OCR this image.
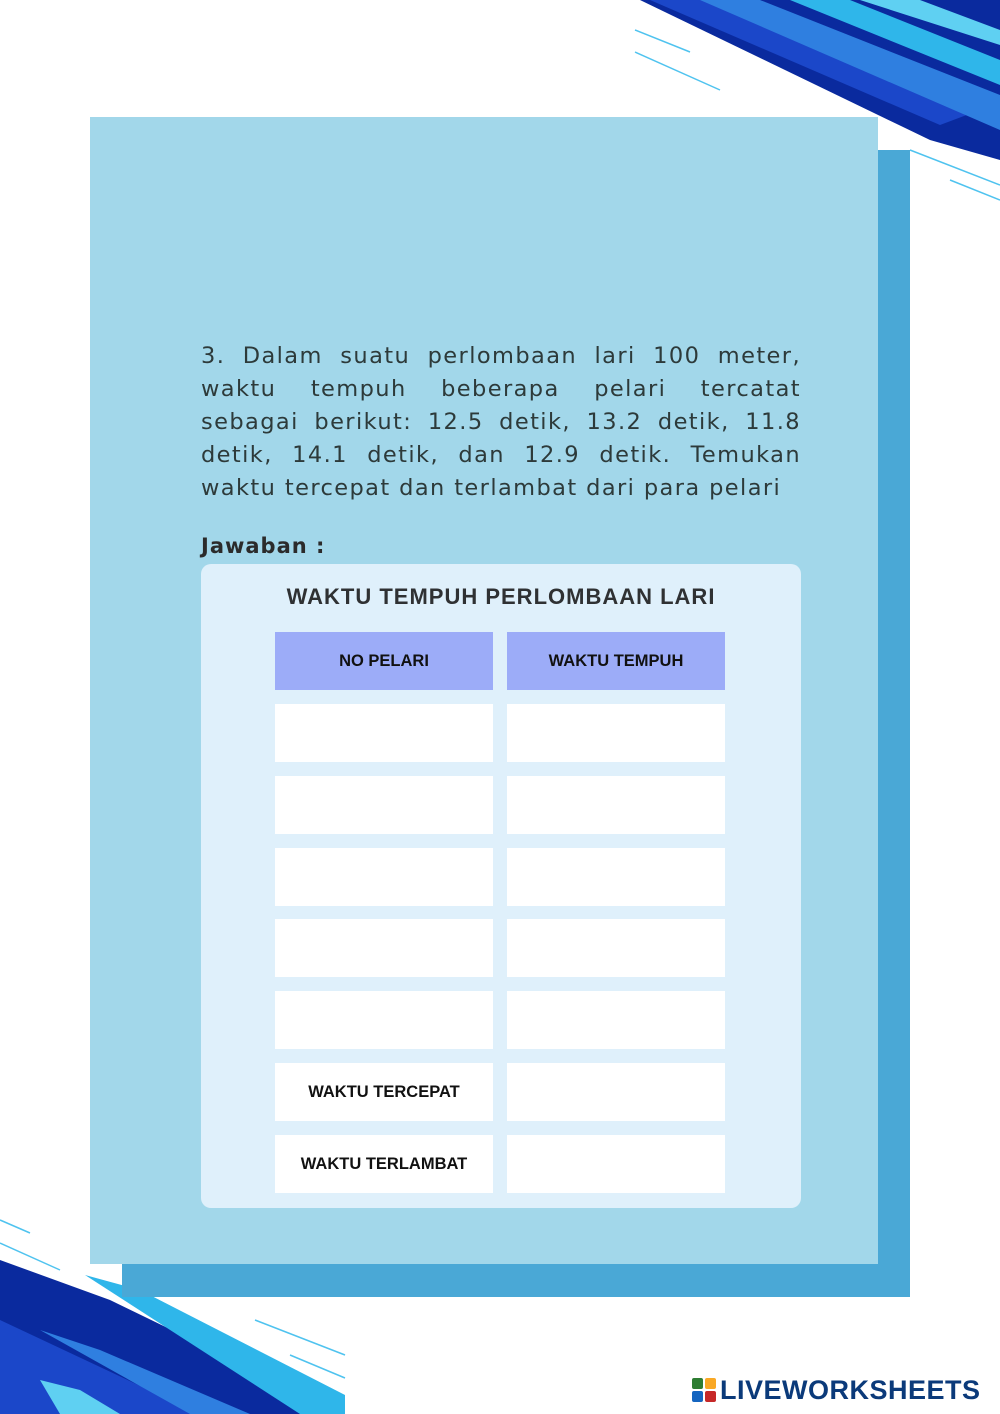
3. Dalam suatu perlombaan lari 100 meter, waktu tempuh beberapa pelari tercatat sebagai berikut: 12.5 detik, 13.2 detik, 11.8 detik, 14.1 detik, dan 12.9 detik. Temukan waktu tercepat dan terlambat dari para pelari

Jawaban :

WAKTU TEMPUH PERLOMBAAN LARI

NO PELARI	WAKTU TEMPUH
WAKTU TERCEPAT
WAKTU TERLAMBAT
LIVEWORKSHEETS
